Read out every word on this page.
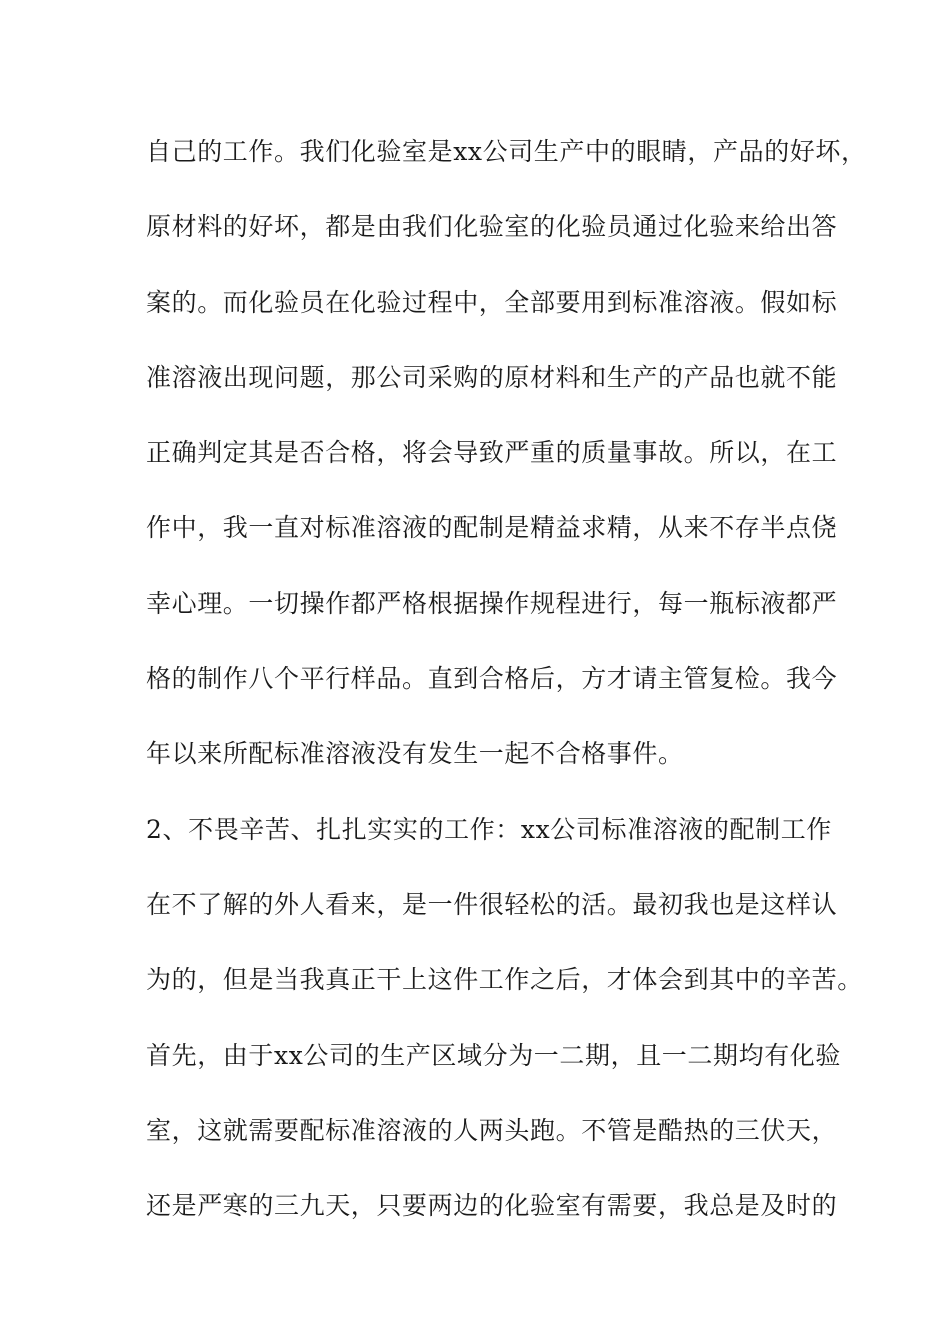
自己的工作。我们化验室是xx公司生产中的眼睛，产品的好坏，
原材料的好坏，都是由我们化验室的化验员通过化验来给出答
案的。而化验员在化验过程中，全部要用到标准溶液。假如标
准溶液出现问题，那公司采购的原材料和生产的产品也就不能
正确判定其是否合格，将会导致严重的质量事故。所以，在工
作中，我一直对标准溶液的配制是精益求精，从来不存半点侥
幸心理。一切操作都严格根据操作规程进行，每一瓶标液都严
格的制作八个平行样品。直到合格后，方才请主管复检。我今
年以来所配标准溶液没有发生一起不合格事件。
2、不畏辛苦、扎扎实实的工作：xx公司标准溶液的配制工作
在不了解的外人看来，是一件很轻松的活。最初我也是这样认
为的，但是当我真正干上这件工作之后，才体会到其中的辛苦。
首先，由于xx公司的生产区域分为一二期，且一二期均有化验
室，这就需要配标准溶液的人两头跑。不管是酷热的三伏天，
还是严寒的三九天，只要两边的化验室有需要，我总是及时的
